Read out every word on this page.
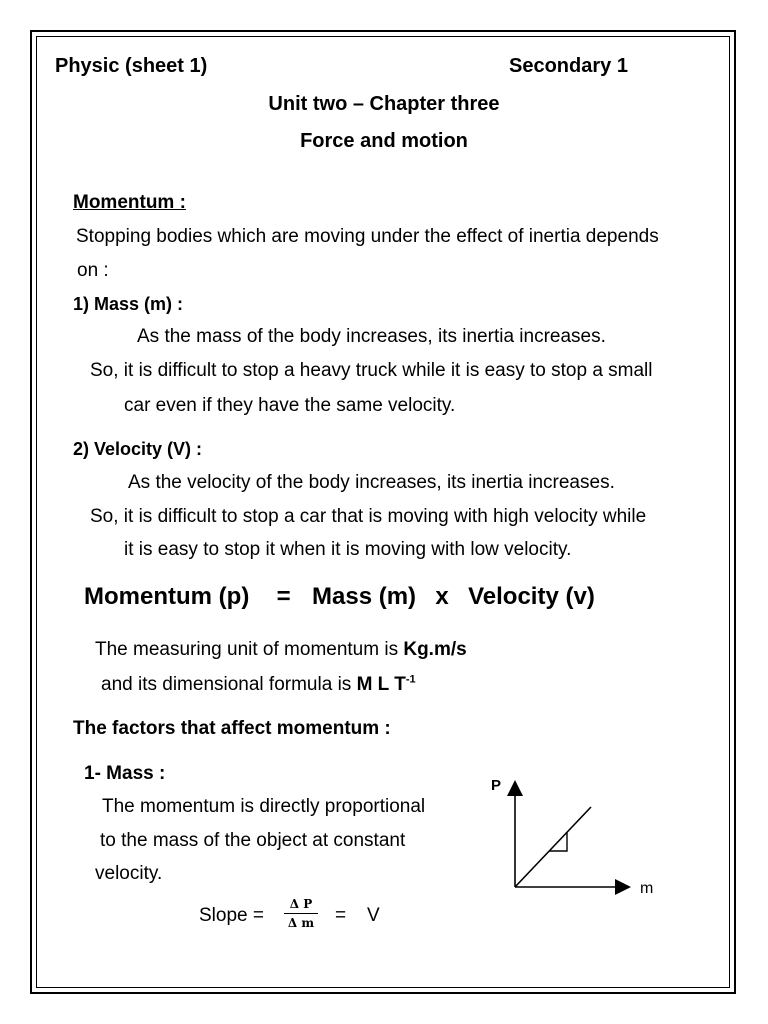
Physic (sheet 1)	Secondary 1
Unit two – Chapter three
Force and motion
Momentum :
Stopping bodies which are moving under the effect of inertia depends
on :
1) Mass (m) :
As the mass of the body increases, its inertia increases.
So, it is difficult to stop a heavy truck while it is easy to stop a small
car even if they have the same velocity.
2) Velocity (V) :
As the velocity of the body increases, its inertia increases.
So, it is difficult to stop a car that is moving with high velocity while
it is easy to stop it when it is moving with low velocity.
Momentum (p) = Mass (m) x Velocity (v)
The measuring unit of momentum is Kg.m/s
and its dimensional formula is M L $T^{-1}$
The factors that affect momentum :
1- Mass :
The momentum is directly proportional
to the mass of the object at constant
velocity.
Slope =
Δ P
Δ m = V
P
m
